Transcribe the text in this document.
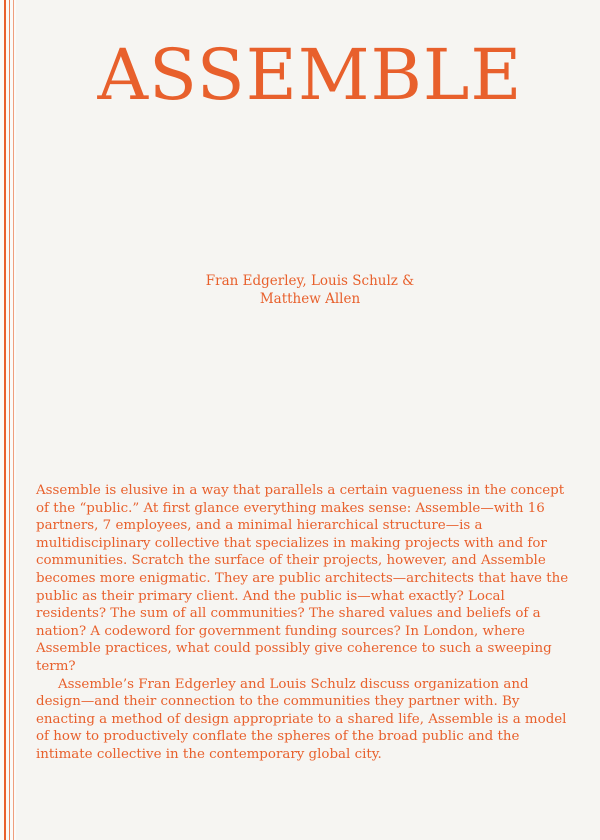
ASSEMBLE
Fran Edgerley, Louis Schulz &
Matthew Allen

Assemble is elusive in a way that parallels a certain vagueness in the concept of the “public.” At first glance everything makes sense: Assemble—with 16 partners, 7 employees, and a minimal hierarchical structure—is a multidisciplinary collective that specializes in making projects with and for communities. Scratch the surface of their projects, however, and Assemble becomes more enigmatic. They are public architects—architects that have the public as their primary client. And the public is—what exactly? Local residents? The sum of all communities? The shared values and beliefs of a nation? A codeword for government funding sources? In London, where Assemble practices, what could possibly give coherence to such a sweeping term?

Assemble’s Fran Edgerley and Louis Schulz discuss organization and design—and their connection to the communities they partner with. By enacting a method of design appropriate to a shared life, Assemble is a model of how to productively conflate the spheres of the broad public and the intimate collective in the contemporary global city.
